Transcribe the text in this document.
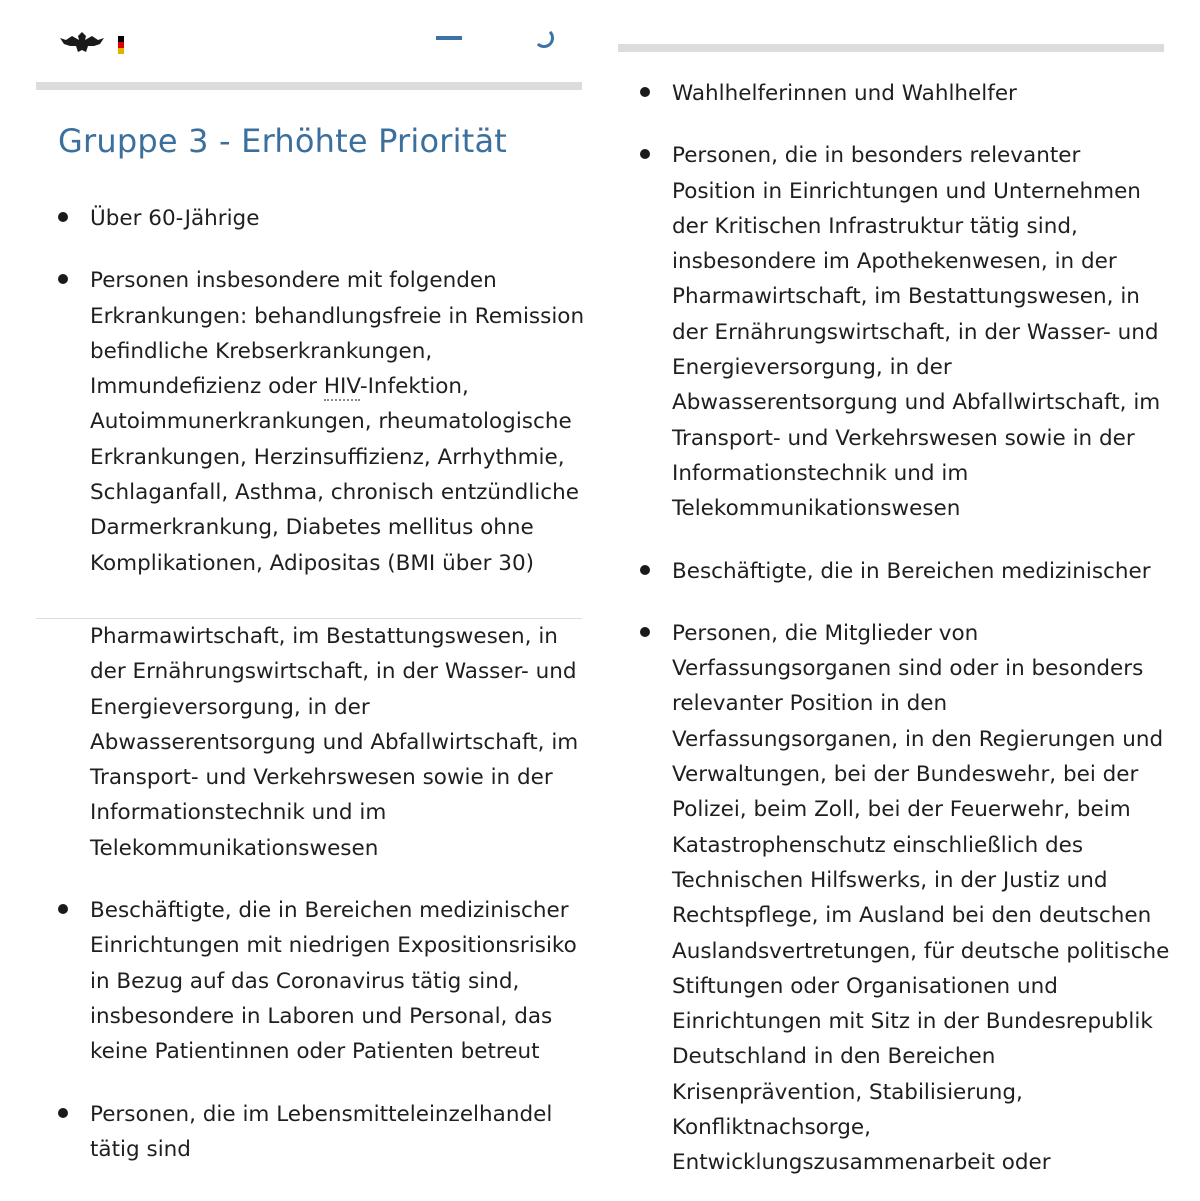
Gruppe 3 - Erhöhte Priorität
Über 60-Jährige
Personen insbesondere mit folgenden
Erkrankungen: behandlungsfreie in Remission
befindliche Krebserkrankungen,
Immundefizienz oder HIV-Infektion,
Autoimmunerkrankungen, rheumatologische
Erkrankungen, Herzinsuffizienz, Arrhythmie,
Schlaganfall, Asthma, chronisch entzündliche
Darmerkrankung, Diabetes mellitus ohne
Komplikationen, Adipositas (BMI über 30)
Pharmawirtschaft, im Bestattungswesen, in
der Ernährungswirtschaft, in der Wasser- und
Energieversorgung, in der
Abwasserentsorgung und Abfallwirtschaft, im
Transport- und Verkehrswesen sowie in der
Informationstechnik und im
Telekommunikationswesen
Beschäftigte, die in Bereichen medizinischer
Einrichtungen mit niedrigen Expositionsrisiko
in Bezug auf das Coronavirus tätig sind,
insbesondere in Laboren und Personal, das
keine Patientinnen oder Patienten betreut
Personen, die im Lebensmitteleinzelhandel
tätig sind
Wahlhelferinnen und Wahlhelfer
Personen, die in besonders relevanter
Position in Einrichtungen und Unternehmen
der Kritischen Infrastruktur tätig sind,
insbesondere im Apothekenwesen, in der
Pharmawirtschaft, im Bestattungswesen, in
der Ernährungswirtschaft, in der Wasser- und
Energieversorgung, in der
Abwasserentsorgung und Abfallwirtschaft, im
Transport- und Verkehrswesen sowie in der
Informationstechnik und im
Telekommunikationswesen
Beschäftigte, die in Bereichen medizinischer
Personen, die Mitglieder von
Verfassungsorganen sind oder in besonders
relevanter Position in den
Verfassungsorganen, in den Regierungen und
Verwaltungen, bei der Bundeswehr, bei der
Polizei, beim Zoll, bei der Feuerwehr, beim
Katastrophenschutz einschließlich des
Technischen Hilfswerks, in der Justiz und
Rechtspflege, im Ausland bei den deutschen
Auslandsvertretungen, für deutsche politische
Stiftungen oder Organisationen und
Einrichtungen mit Sitz in der Bundesrepublik
Deutschland in den Bereichen
Krisenprävention, Stabilisierung,
Konfliktnachsorge,
Entwicklungszusammenarbeit oder
